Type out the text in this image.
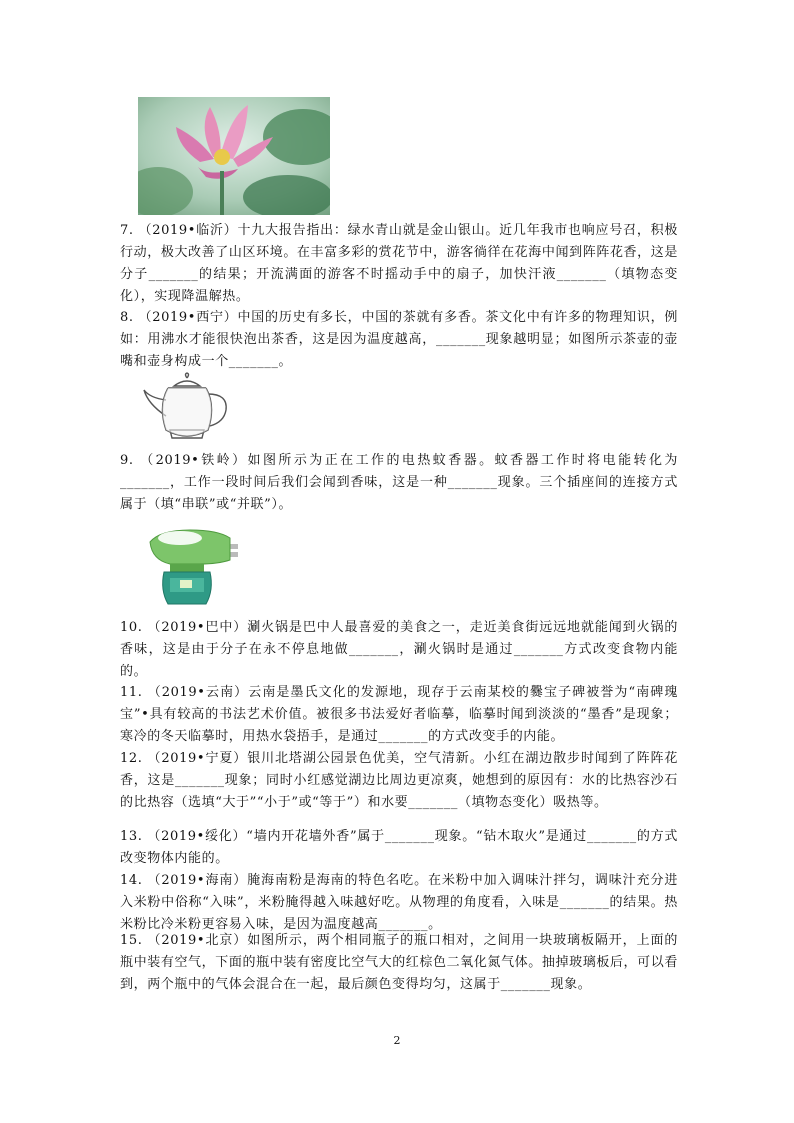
7. （2019•临沂）十九大报告指出：绿水青山就是金山银山。近几年我市也响应号召，积极行动，极大改善了山区环境。在丰富多彩的赏花节中，游客徜徉在花海中闻到阵阵花香，这是分子_______的结果；开流满面的游客不时摇动手中的扇子，加快汗液_______（填物态变化），实现降温解热。
8. （2019•西宁）中国的历史有多长，中国的茶就有多香。茶文化中有许多的物理知识，例如：用沸水才能很快泡出茶香，这是因为温度越高，_______现象越明显；如图所示茶壶的壶嘴和壶身构成一个_______。
9. （2019•铁岭）如图所示为正在工作的电热蚊香器。蚊香器工作时将电能转化为_______，工作一段时间后我们会闻到香味，这是一种_______现象。三个插座间的连接方式属于（填“串联”或“并联”）。
10. （2019•巴中）涮火锅是巴中人最喜爱的美食之一，走近美食街远远地就能闻到火锅的香味，这是由于分子在永不停息地做_______，涮火锅时是通过_______方式改变食物内能的。
11. （2019•云南）云南是墨氏文化的发源地，现存于云南某校的爨宝子碑被誉为“南碑瑰宝”•具有较高的书法艺术价值。被很多书法爱好者临摹，临摹时闻到淡淡的“墨香”是现象；寒冷的冬天临摹时，用热水袋捂手，是通过_______的方式改变手的内能。
12. （2019•宁夏）银川北塔湖公园景色优美，空气清新。小红在湖边散步时闻到了阵阵花香，这是_______现象；同时小红感觉湖边比周边更凉爽，她想到的原因有：水的比热容沙石的比热容（选填“大于”“小于”或“等于”）和水要_______（填物态变化）吸热等。
13. （2019•绥化）“墙内开花墙外香”属于_______现象。“钻木取火”是通过_______的方式改变物体内能的。
14. （2019•海南）腌海南粉是海南的特色名吃。在米粉中加入调味汁拌匀，调味汁充分进入米粉中俗称“入味”，米粉腌得越入味越好吃。从物理的角度看，入味是_______的结果。热米粉比冷米粉更容易入味，是因为温度越高_______。
15. （2019•北京）如图所示，两个相同瓶子的瓶口相对，之间用一块玻璃板隔开，上面的瓶中装有空气，下面的瓶中装有密度比空气大的红棕色二氧化氮气体。抽掉玻璃板后，可以看到，两个瓶中的气体会混合在一起，最后颜色变得均匀，这属于_______现象。
2
